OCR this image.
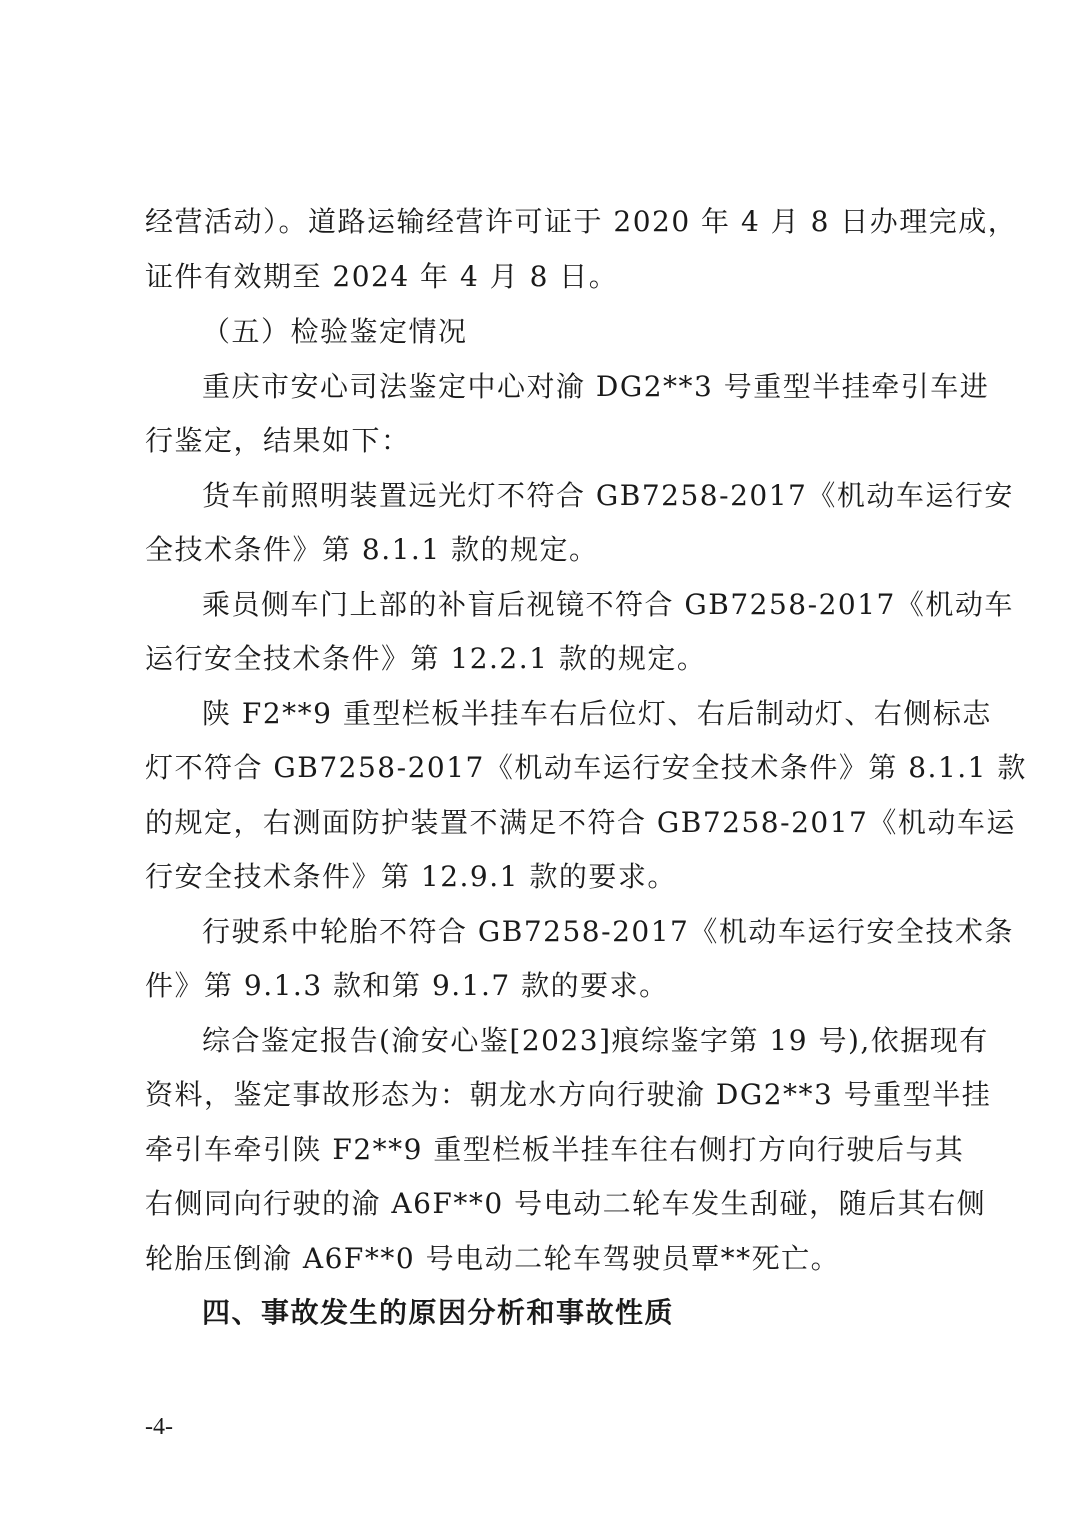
经营活动）。道路运输经营许可证于 2020 年 4 月 8 日办理完成，
证件有效期至 2024 年 4 月 8 日。
（五）检验鉴定情况
重庆市安心司法鉴定中心对渝 DG2**3 号重型半挂牵引车进
行鉴定，结果如下：
货车前照明装置远光灯不符合 GB7258-2017《机动车运行安
全技术条件》第 8.1.1 款的规定。
乘员侧车门上部的补盲后视镜不符合 GB7258-2017《机动车
运行安全技术条件》第 12.2.1 款的规定。
陕 F2**9 重型栏板半挂车右后位灯、右后制动灯、右侧标志
灯不符合 GB7258-2017《机动车运行安全技术条件》第 8.1.1 款
的规定，右测面防护装置不满足不符合 GB7258-2017《机动车运
行安全技术条件》第 12.9.1 款的要求。
行驶系中轮胎不符合 GB7258-2017《机动车运行安全技术条
件》第 9.1.3 款和第 9.1.7 款的要求。
综合鉴定报告(渝安心鉴[2023]痕综鉴字第 19 号),依据现有
资料，鉴定事故形态为：朝龙水方向行驶渝 DG2**3 号重型半挂
牵引车牵引陕 F2**9 重型栏板半挂车往右侧打方向行驶后与其
右侧同向行驶的渝 A6F**0 号电动二轮车发生刮碰，随后其右侧
轮胎压倒渝 A6F**0 号电动二轮车驾驶员覃**死亡。
四、事故发生的原因分析和事故性质
-4-
